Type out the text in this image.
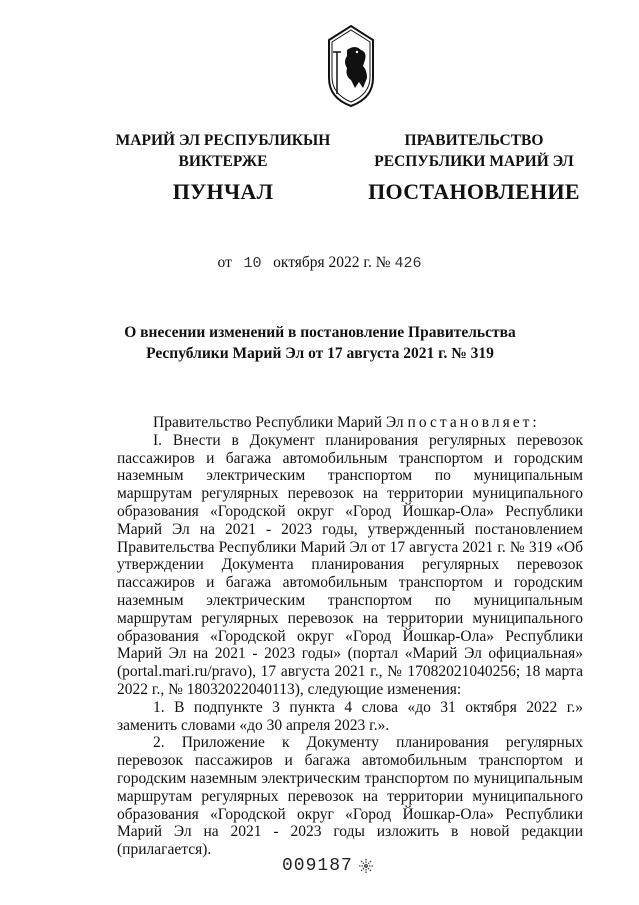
МАРИЙ ЭЛ РЕСПУБЛИКЫН
ВИКТЕРЖЕ
ПУНЧАЛ
ПРАВИТЕЛЬСТВО
РЕСПУБЛИКИ МАРИЙ ЭЛ
ПОСТАНОВЛЕНИЕ
от 10 октября 2022 г. № 426
О внесении изменений в постановление Правительства
Республики Марий Эл от 17 августа 2021 г. № 319

Правительство Республики Марий Эл постановляет:

I. Внести в Документ планирования регулярных перевозок пассажиров и багажа автомобильным транспортом и городским наземным электрическим транспортом по муниципальным маршрутам регулярных перевозок на территории муниципального образования «Городской округ «Город Йошкар-Ола» Республики Марий Эл на 2021 - 2023 годы, утвержденный постановлением Правительства Республики Марий Эл от 17 августа 2021 г. № 319 «Об утверждении Документа планирования регулярных перевозок пассажиров и багажа автомобильным транспортом и городским наземным электрическим транспортом по муниципальным маршрутам регулярных перевозок на территории муниципального образования «Городской округ «Город Йошкар-Ола» Республики Марий Эл на 2021 - 2023 годы» (портал «Марий Эл официальная» (portal.mari.ru/pravo), 17 августа 2021 г., № 17082021040256; 18 марта 2022 г., № 18032022040113), следующие изменения:

1. В подпункте 3 пункта 4 слова «до 31 октября 2022 г.» заменить словами «до 30 апреля 2023 г.».

2. Приложение к Документу планирования регулярных перевозок пассажиров и багажа автомобильным транспортом и городским наземным электрическим транспортом по муниципальным маршрутам регулярных перевозок на территории муниципального образования «Городской округ «Город Йошкар-Ола» Республики Марий Эл на 2021 - 2023 годы изложить в новой редакции (прилагается).

009187
